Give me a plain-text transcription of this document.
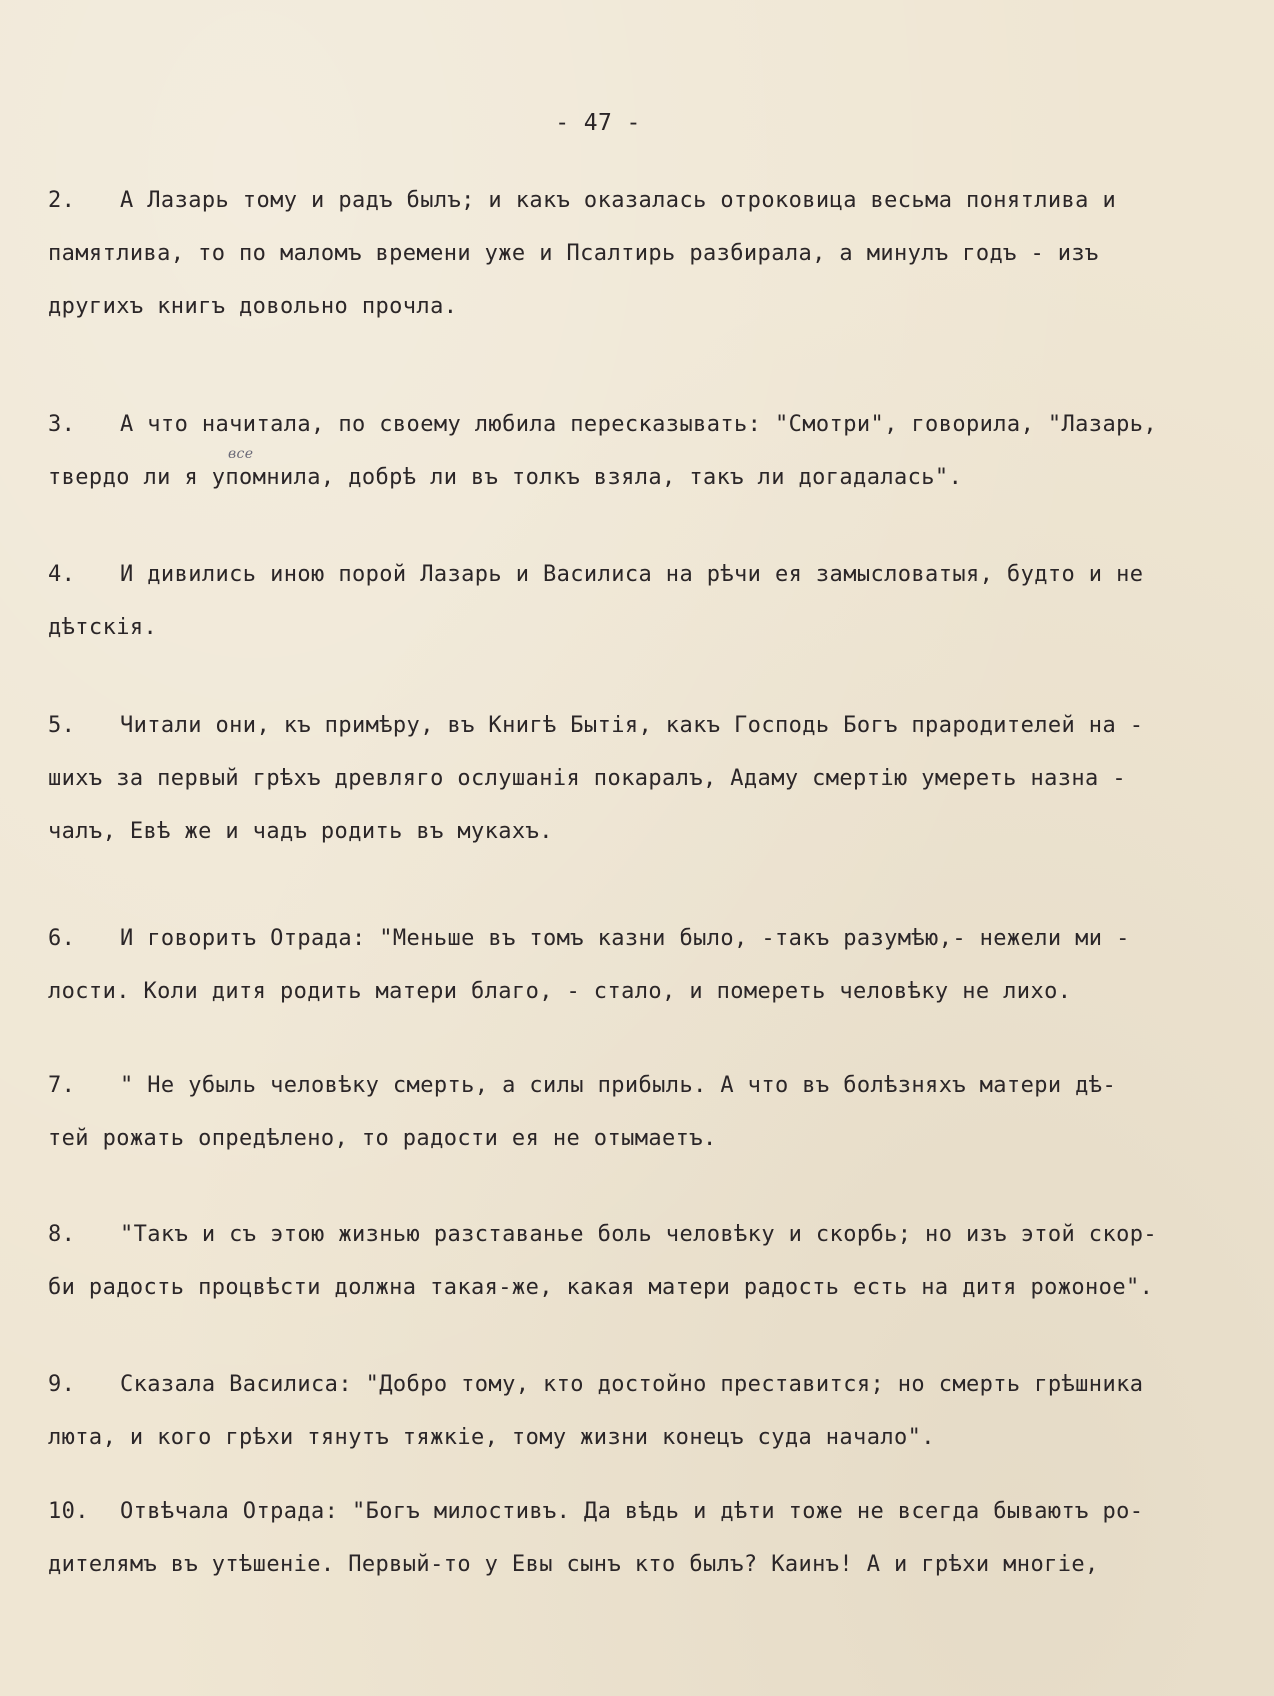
- 47 -
2. А Лазарь тому и радъ былъ; и какъ оказалась отроковица весьма понятлива и
памятлива, то по маломъ времени уже и Псалтирь разбирала, а минулъ годъ - изъ
другихъ книгъ довольно прочла.
3. А что начитала, по своему любила пересказывать: "Смотри", говорила, "Лазарь,
твердо ли я упомнила, добрѣ ли въ толкъ взяла, такъ ли догадалась".
все
4. И дивились иною порой Лазарь и Василиса на рѣчи ея замысловатыя, будто и не
дѣтскія.
5. Читали они, къ примѣру, въ Книгѣ Бытія, какъ Господь Богъ прародителей на -
шихъ за первый грѣхъ древляго ослушанія покаралъ, Адаму смертію умереть назна -
чалъ, Евѣ же и чадъ родить въ мукахъ.
6. И говоритъ Отрада: "Меньше въ томъ казни было, -такъ разумѣю,- нежели ми -
лости. Коли дитя родить матери благо, - стало, и помереть человѣку не лихо.
7. " Не убыль человѣку смерть, а силы прибыль. А что въ болѣзняхъ матери дѣ-
тей рожать опредѣлено, то радости ея не отымаетъ.
8. "Такъ и съ этою жизнью разставанье боль человѣку и скорбь; но изъ этой скор-
би радость процвѣсти должна такая-же, какая матери радость есть на дитя рожоное".
9. Сказала Василиса: "Добро тому, кто достойно преставится; но смерть грѣшника
люта, и кого грѣхи тянутъ тяжкіе, тому жизни конецъ суда начало".
10. Отвѣчала Отрада: "Богъ милостивъ. Да вѣдь и дѣти тоже не всегда бываютъ ро-
дителямъ въ утѣшеніе. Первый-то у Евы сынъ кто былъ? Каинъ! А и грѣхи многіе,
